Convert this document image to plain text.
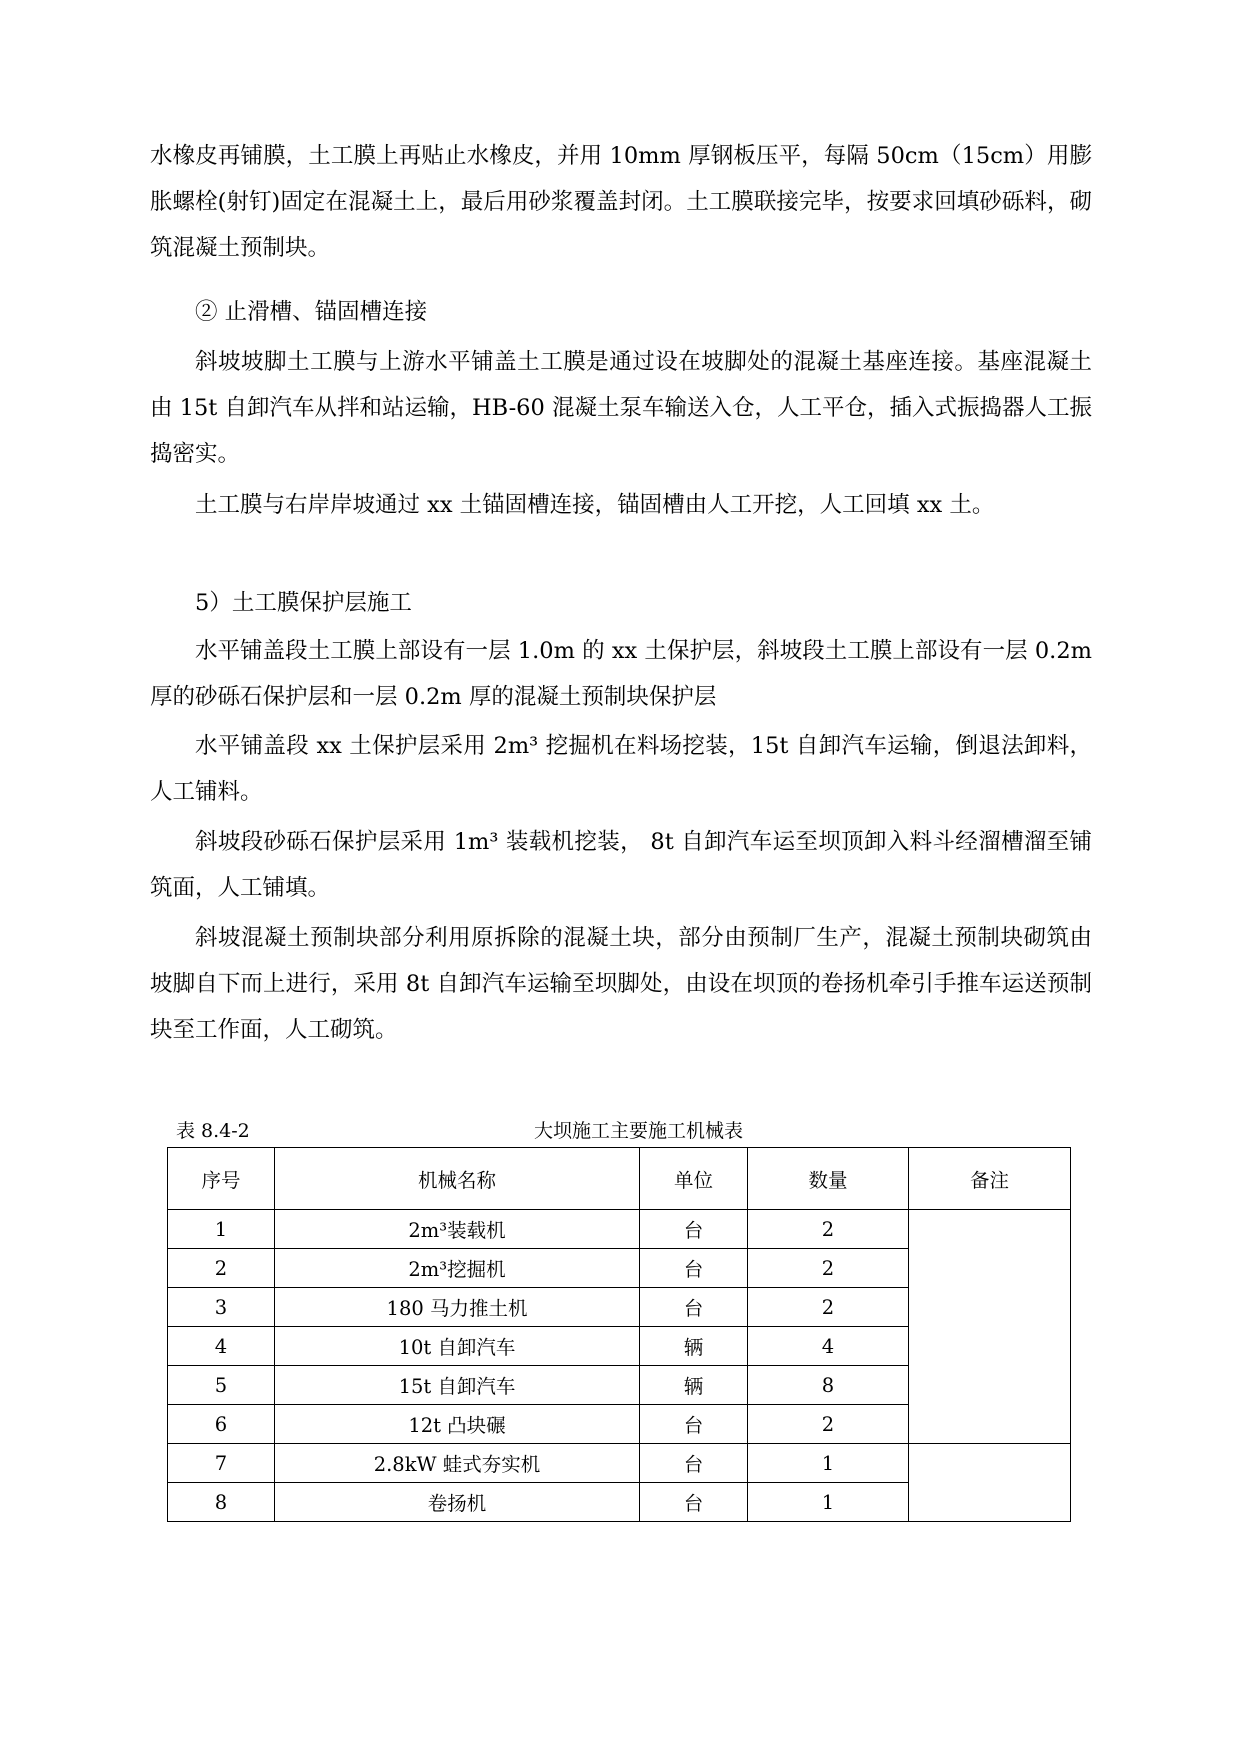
水橡皮再铺膜，土工膜上再贴止水橡皮，并用 10mm 厚钢板压平，每隔 50cm（15cm）用膨胀螺栓(射钉)固定在混凝土上，最后用砂浆覆盖封闭。土工膜联接完毕，按要求回填砂砾料，砌筑混凝土预制块。

② 止滑槽、锚固槽连接

斜坡坡脚土工膜与上游水平铺盖土工膜是通过设在坡脚处的混凝土基座连接。基座混凝土由 15t 自卸汽车从拌和站运输，HB-60 混凝土泵车输送入仓，人工平仓，插入式振捣器人工振捣密实。

土工膜与右岸岸坡通过 xx 土锚固槽连接，锚固槽由人工开挖，人工回填 xx 土。

5）土工膜保护层施工

水平铺盖段土工膜上部设有一层 1.0m 的 xx 土保护层，斜坡段土工膜上部设有一层 0.2m 厚的砂砾石保护层和一层 0.2m 厚的混凝土预制块保护层

水平铺盖段 xx 土保护层采用 2m³ 挖掘机在料场挖装，15t 自卸汽车运输，倒退法卸料，人工铺料。

斜坡段砂砾石保护层采用 1m³ 装载机挖装， 8t 自卸汽车运至坝顶卸入料斗经溜槽溜至铺筑面，人工铺填。

斜坡混凝土预制块部分利用原拆除的混凝土块，部分由预制厂生产，混凝土预制块砌筑由坡脚自下而上进行，采用 8t 自卸汽车运输至坝脚处，由设在坝顶的卷扬机牵引手推车运送预制块至工作面，人工砌筑。

表 8.4-2	大坝施工主要施工机械表
序号	机械名称	单位	数量	备注
1	2m³装载机	台	2	
2	2m³挖掘机	台	2	
3	180 马力推土机	台	2	
4	10t 自卸汽车	辆	4	
5	15t 自卸汽车	辆	8	
6	12t 凸块碾	台	2	
7	2.8kW 蛙式夯实机	台	1	
8	卷扬机	台	1	
